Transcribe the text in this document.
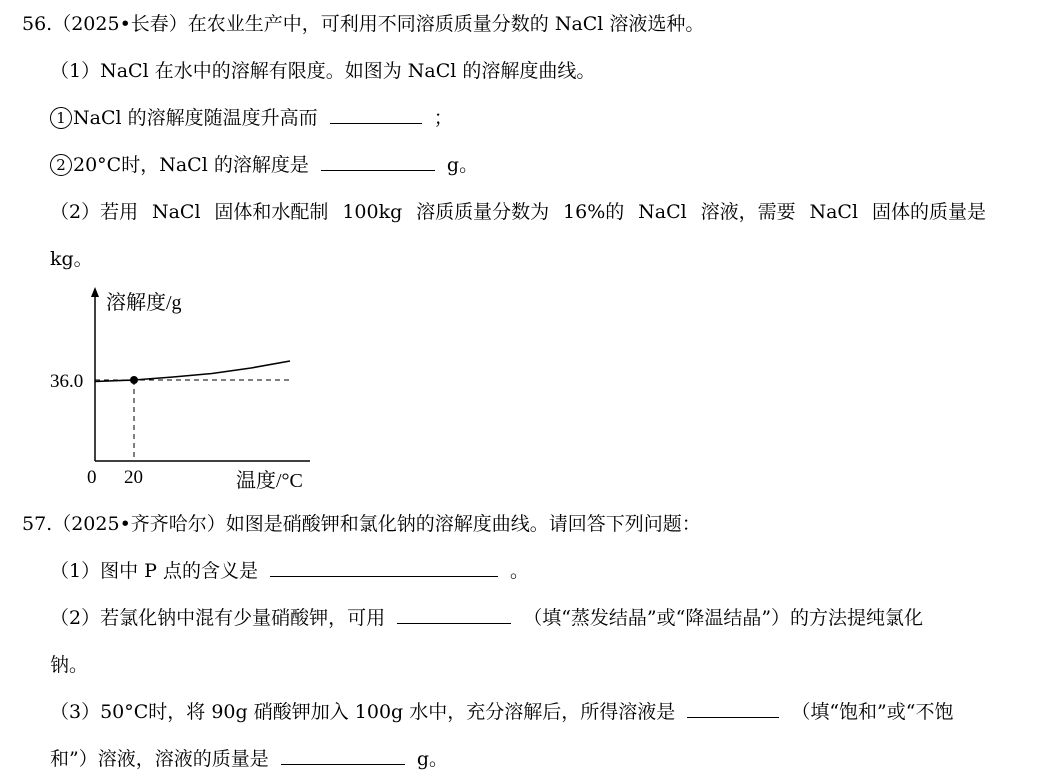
56.（2025•长春）在农业生产中，可利用不同溶质质量分数的 NaCl 溶液选种。
（1）NaCl 在水中的溶解有限度。如图为 NaCl 的溶解度曲线。
1 NaCl 的溶解度随温度升高而	；
2 20°C时，NaCl 的溶解度是	g。
（2）若用 NaCl 固体和水配制 100kg 溶质质量分数为 16%的 NaCl 溶液，需要 NaCl 固体的质量是
kg。
溶解度/g
温度/°C
0 20
36.0
57.（2025•齐齐哈尔）如图是硝酸钾和氯化钠的溶解度曲线。请回答下列问题：
（1）图中 P 点的含义是	。
（2）若氯化钠中混有少量硝酸钾，可用	（填“蒸发结晶”或“降温结晶”）的方法提纯氯化
钠。
（3）50°C时，将 90g 硝酸钾加入 100g 水中，充分溶解后，所得溶液是	（填“饱和”或“不饱
和”）溶液，溶液的质量是	g。
